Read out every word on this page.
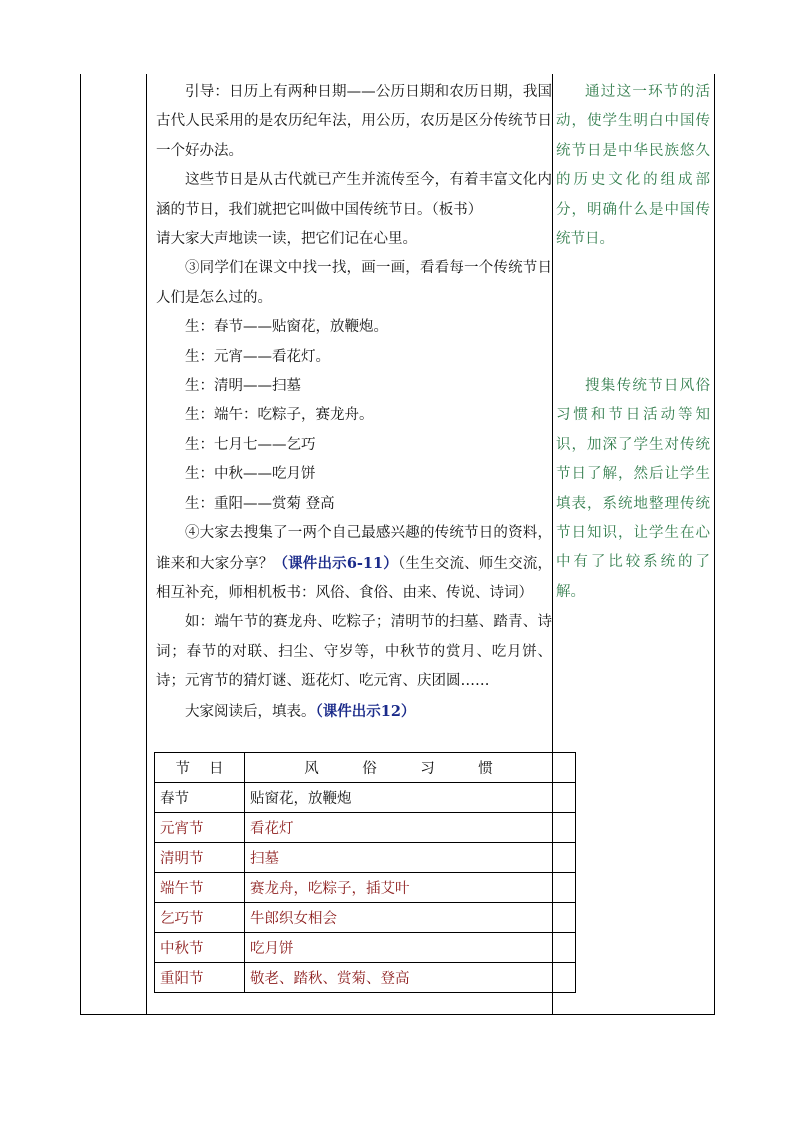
引导：日历上有两种日期——公历日期和农历日期，我国古代人民采用的是农历纪年法，用公历，农历是区分传统节日一个好办法。

这些节日是从古代就已产生并流传至今，有着丰富文化内涵的节日，我们就把它叫做中国传统节日。（板书）

请大家大声地读一读，把它们记在心里。

③同学们在课文中找一找，画一画，看看每一个传统节日人们是怎么过的。

生：春节——贴窗花，放鞭炮。

生：元宵——看花灯。

生：清明——扫墓

生：端午：吃粽子，赛龙舟。

生：七月七——乞巧

生：中秋——吃月饼

生：重阳——赏菊 登高

④大家去搜集了一两个自己最感兴趣的传统节日的资料，谁来和大家分享？（课件出示6-11）（生生交流、师生交流，相互补充，师相机板书：风俗、食俗、由来、传说、诗词）

如：端午节的赛龙舟、吃粽子；清明节的扫墓、踏青、诗词；春节的对联、扫尘、守岁等，中秋节的赏月、吃月饼、诗；元宵节的猜灯谜、逛花灯、吃元宵、庆团圆……

大家阅读后，填表。（课件出示12）

通过这一环节的活动，使学生明白中国传统节日是中华民族悠久的历史文化的组成部分，明确什么是中国传统节日。

搜集传统节日风俗习惯和节日活动等知识，加深了学生对传统节日了解，然后让学生填表，系统地整理传统节日知识，让学生在心中有了比较系统的了解。

节　 日	风　　　俗　　　习　　　惯	
春节	贴窗花，放鞭炮	
元宵节	看花灯	
清明节	扫墓	
端午节	赛龙舟，吃粽子，插艾叶	
乞巧节	牛郎织女相会	
中秋节	吃月饼	
重阳节	敬老、踏秋、赏菊、登高	
